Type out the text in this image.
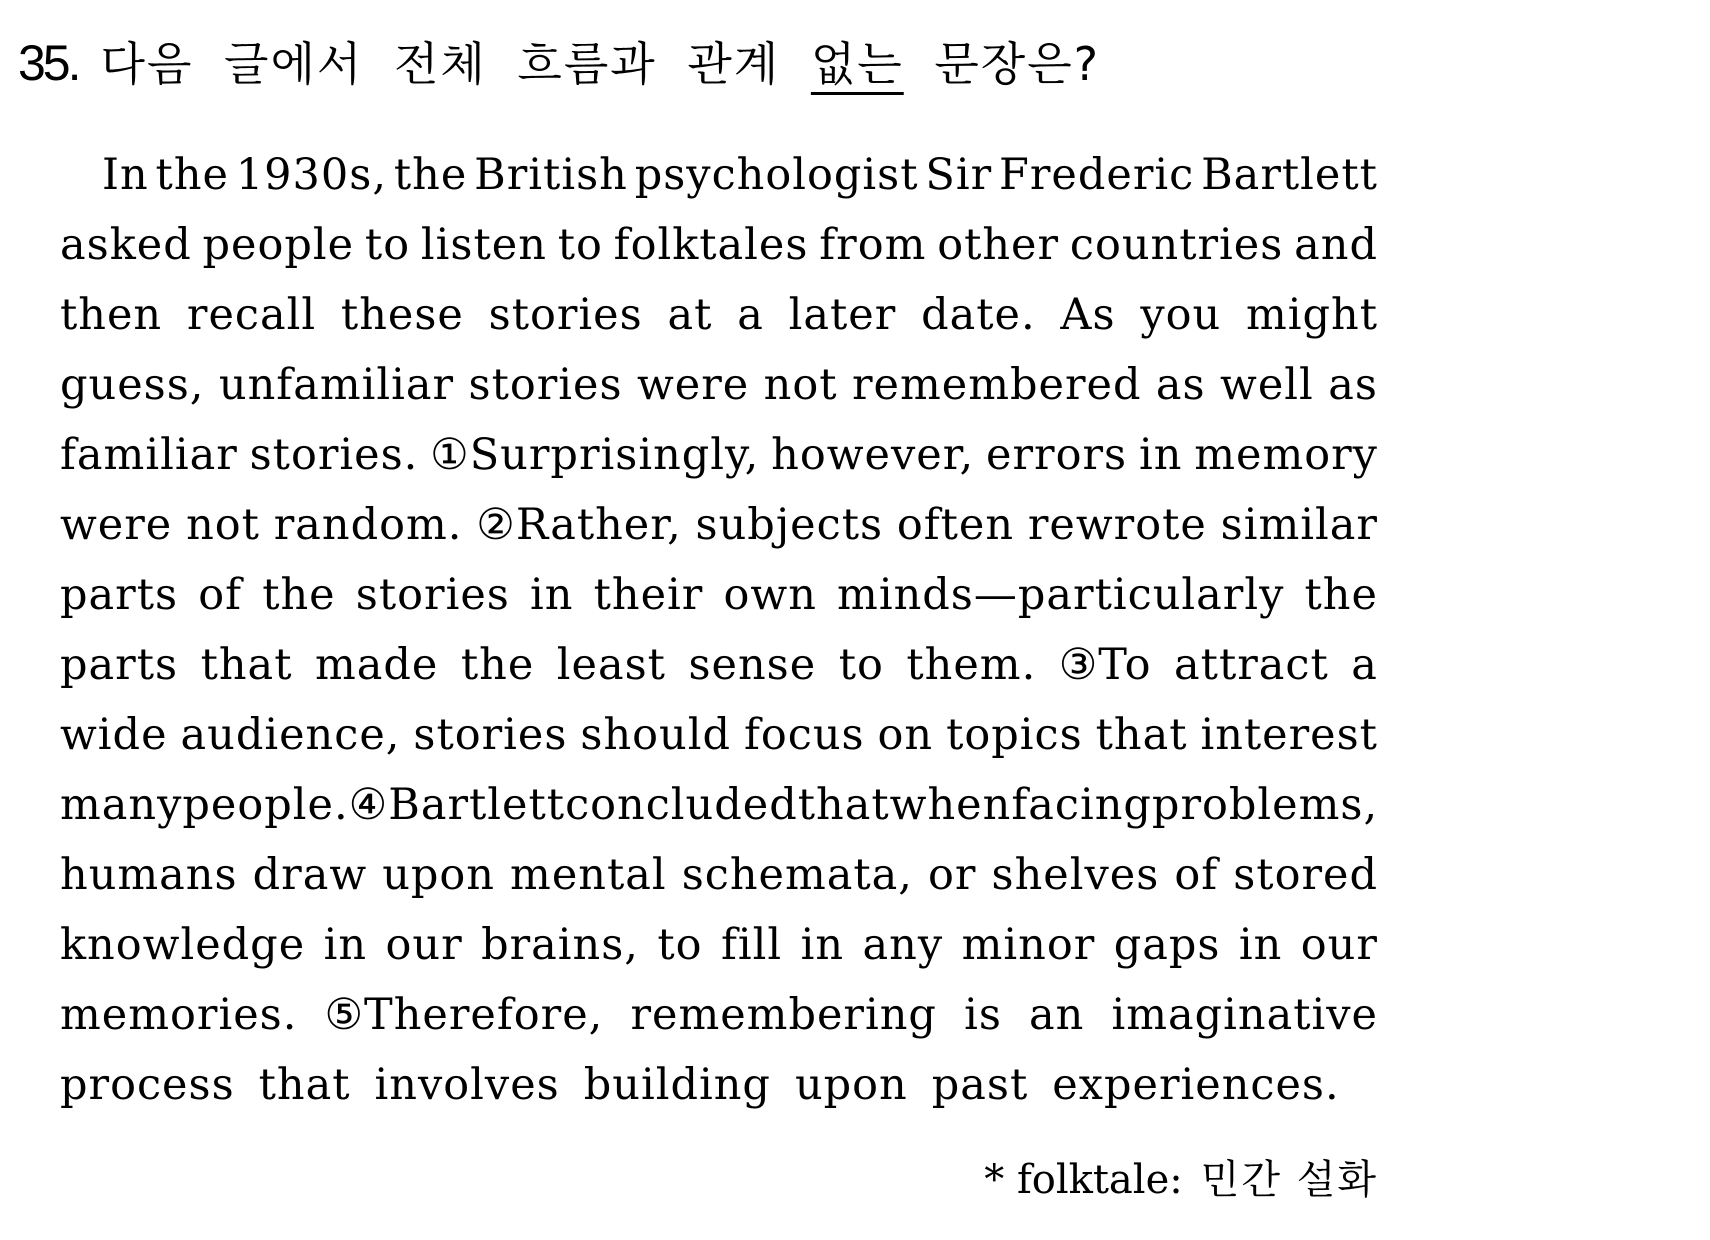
35. 다음 글에서 전체 흐름과 관계 없는 문장은?
In the 1930s, the British psychologist Sir Frederic Bartlett
asked people to listen to folktales from other countries and
then recall these stories at a later date. As you might
guess, unfamiliar stories were not remembered as well as
familiar stories. ①Surprisingly, however, errors in memory
were not random. ②Rather, subjects often rewrote similar
parts of the stories in their own minds—particularly the
parts that made the least sense to them. ③To attract a
wide audience, stories should focus on topics that interest
many people. ④Bartlett concluded that when facing problems,
humans draw upon mental schemata, or shelves of stored
knowledge in our brains, to fill in any minor gaps in our
memories. ⑤Therefore, remembering is an imaginative
process that involves building upon past experiences.
* folktale: 민간 설화
